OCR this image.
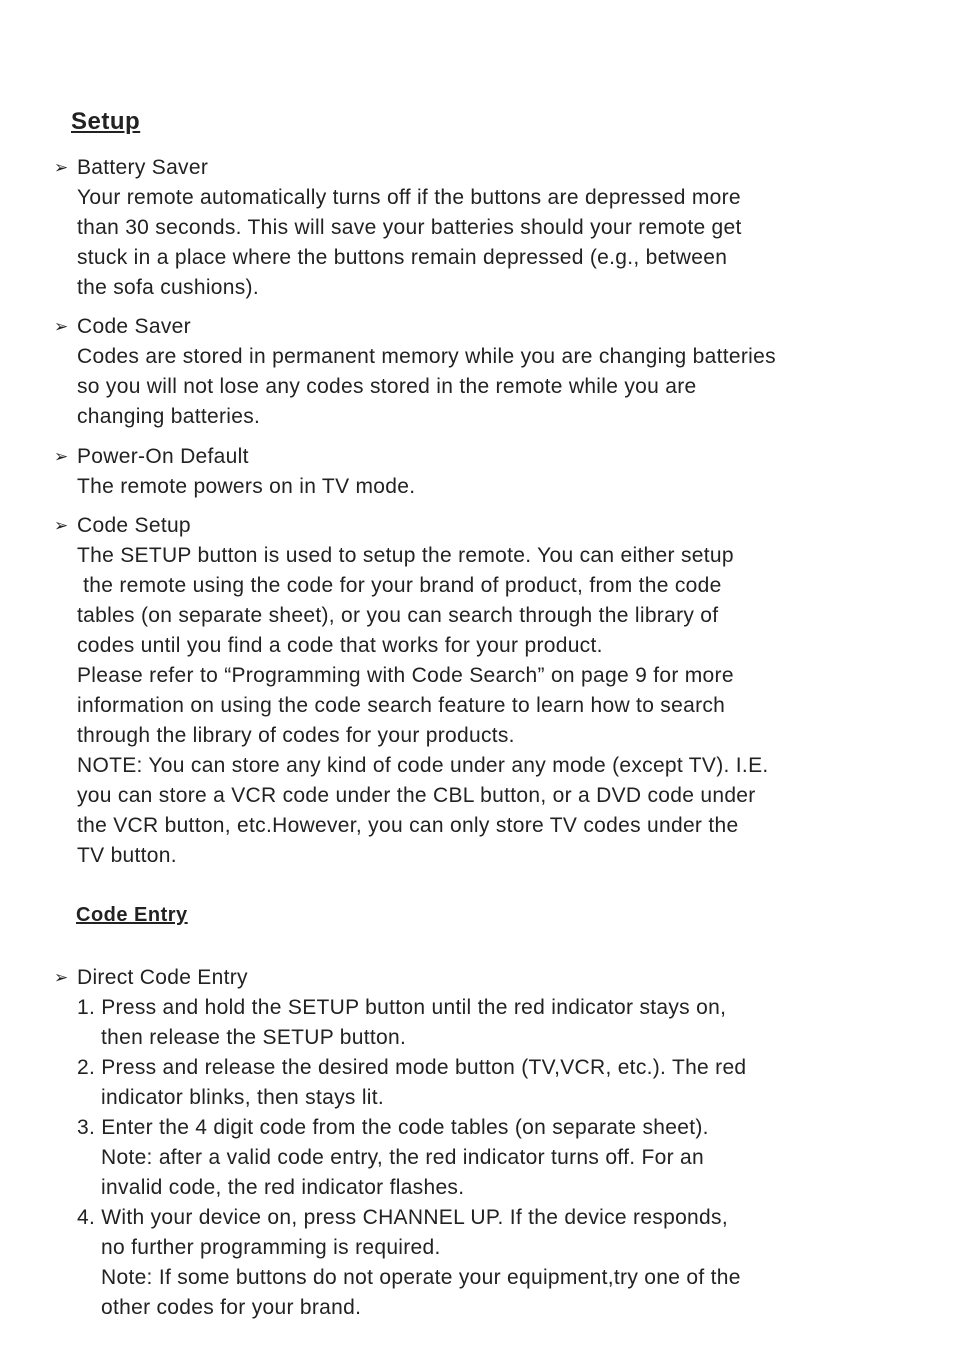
Setup
➢ Battery Saver
Your remote automatically turns off if the buttons are depressed more
than 30 seconds. This will save your batteries should your remote get
stuck in a place where the buttons remain depressed (e.g., between
the sofa cushions).
➢ Code Saver
Codes are stored in permanent memory while you are changing batteries
so you will not lose any codes stored in the remote while you are
changing batteries.
➢ Power-On Default
The remote powers on in TV mode.
➢ Code Setup
The SETUP button is used to setup the remote. You can either setup
the remote using the code for your brand of product, from the code
tables (on separate sheet), or you can search through the library of
codes until you find a code that works for your product.
Please refer to “Programming with Code Search” on page 9 for more
information on using the code search feature to learn how to search
through the library of codes for your products.
NOTE: You can store any kind of code under any mode (except TV). I.E.
you can store a VCR code under the CBL button, or a DVD code under
the VCR button, etc.However, you can only store TV codes under the
TV button.
Code Entry
➢ Direct Code Entry
1. Press and hold the SETUP button until the red indicator stays on,
then release the SETUP button.
2. Press and release the desired mode button (TV,VCR, etc.). The red
indicator blinks, then stays lit.
3. Enter the 4 digit code from the code tables (on separate sheet).
Note: after a valid code entry, the red indicator turns off. For an
invalid code, the red indicator flashes.
4. With your device on, press CHANNEL UP. If the device responds,
no further programming is required.
Note: If some buttons do not operate your equipment,try one of the
other codes for your brand.
